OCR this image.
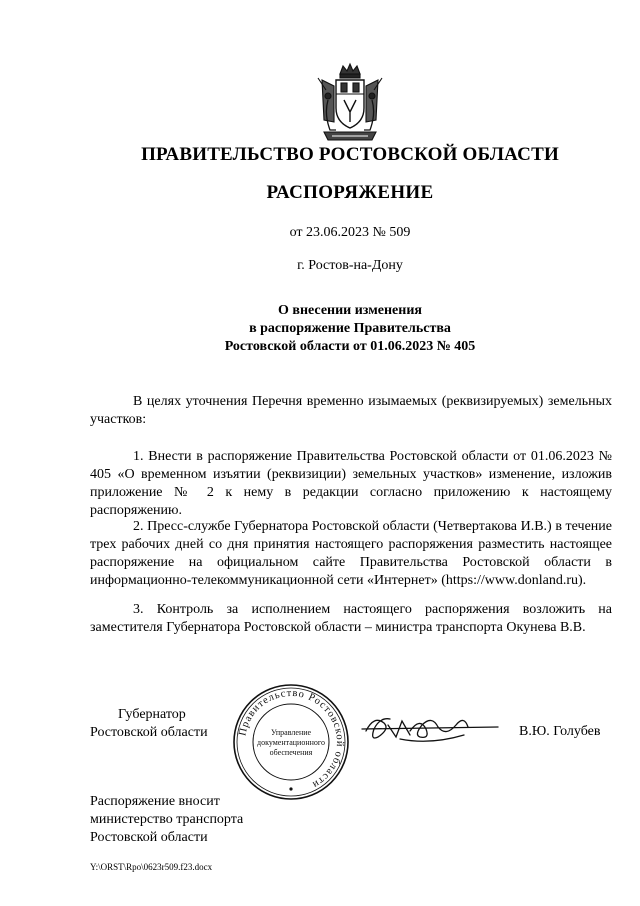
ПРАВИТЕЛЬСТВО РОСТОВСКОЙ ОБЛАСТИ
РАСПОРЯЖЕНИЕ
от 23.06.2023 № 509
г. Ростов-на-Дону
О внесении изменения
в распоряжение Правительства
Ростовской области от 01.06.2023 № 405
В целях уточнения Перечня временно изымаемых (реквизируемых) земельных участков:
1. Внести в распоряжение Правительства Ростовской области от 01.06.2023 № 405 «О временном изъятии (реквизиции) земельных участков» изменение, изложив приложение № 2 к нему в редакции согласно приложению к настоящему распоряжению.
2. Пресс-службе Губернатора Ростовской области (Четвертакова И.В.) в течение трех рабочих дней со дня принятия настоящего распоряжения разместить настоящее распоряжение на официальном сайте Правительства Ростовской области в информационно-телекоммуникационной сети «Интернет» (https://www.donland.ru).
3. Контроль за исполнением настоящего распоряжения возложить на заместителя Губернатора Ростовской области – министра транспорта Окунева В.В.
Губернатор
Ростовской области	Правительство Ростовской области
Управление
документационного
обеспечения
В.Ю. Голубев
Распоряжение вносит
министерство транспорта
Ростовской области
Y:\ORST\Rpo\0623r509.f23.docx
